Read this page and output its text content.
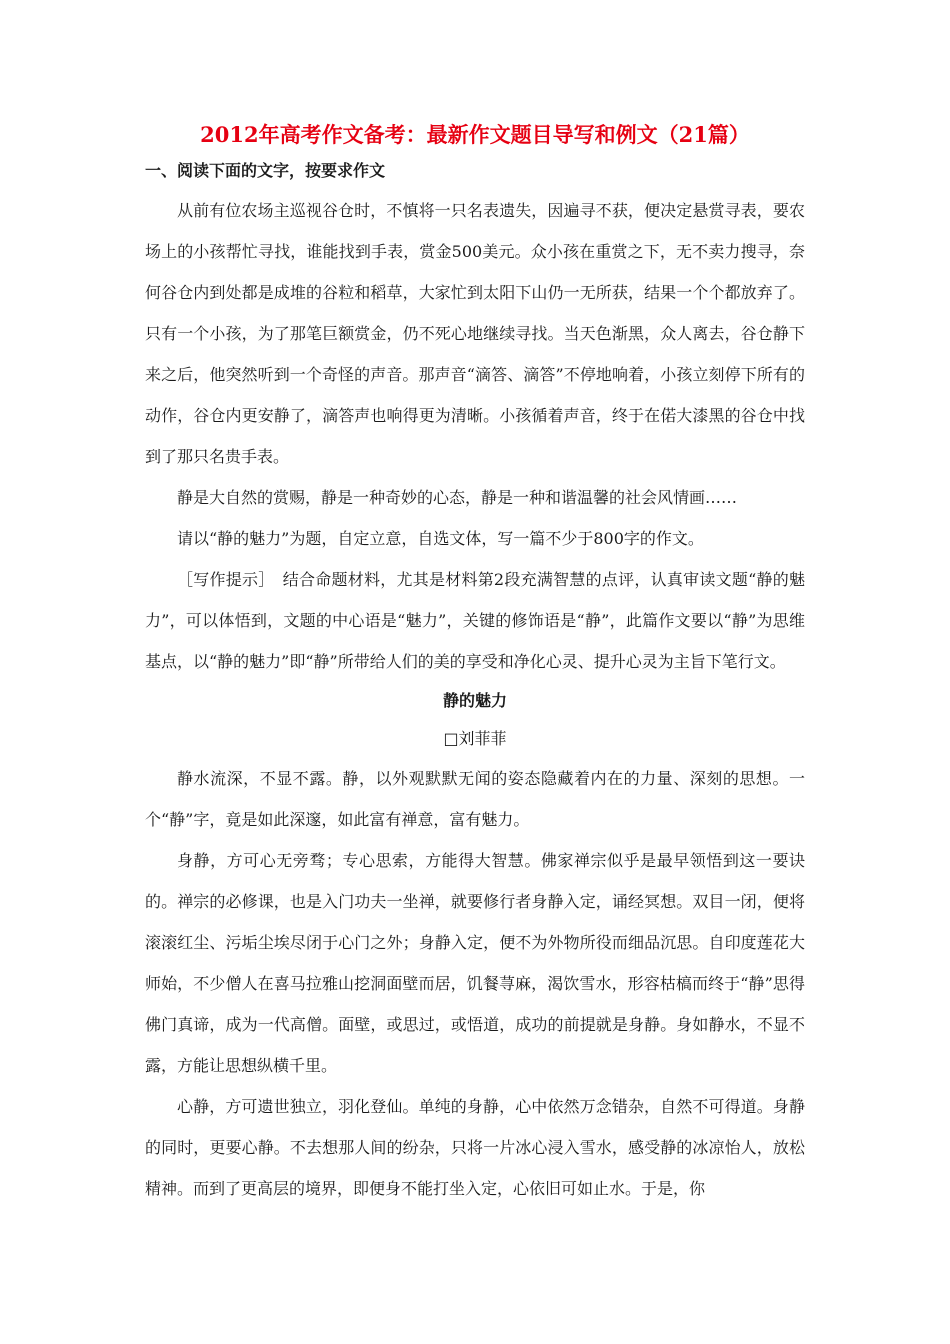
2012年高考作文备考：最新作文题目导写和例文（21篇）
一、阅读下面的文字，按要求作文

从前有位农场主巡视谷仓时，不慎将一只名表遗失，因遍寻不获，便决定悬赏寻表，要农场上的小孩帮忙寻找，谁能找到手表，赏金500美元。众小孩在重赏之下，无不卖力搜寻，奈何谷仓内到处都是成堆的谷粒和稻草，大家忙到太阳下山仍一无所获，结果一个个都放弃了。只有一个小孩，为了那笔巨额赏金，仍不死心地继续寻找。当天色渐黑，众人离去，谷仓静下来之后，他突然听到一个奇怪的声音。那声音“滴答、滴答”不停地响着，小孩立刻停下所有的动作，谷仓内更安静了，滴答声也响得更为清晰。小孩循着声音，终于在偌大漆黑的谷仓中找到了那只名贵手表。

静是大自然的赏赐，静是一种奇妙的心态，静是一种和谐温馨的社会风情画……

请以“静的魅力”为题，自定立意，自选文体，写一篇不少于800字的作文。

［写作提示］　结合命题材料，尤其是材料第2段充满智慧的点评，认真审读文题“静的魅力”，可以体悟到，文题的中心语是“魅力”，关键的修饰语是“静”，此篇作文要以“静”为思维基点，以“静的魅力”即“静”所带给人们的美的享受和净化心灵、提升心灵为主旨下笔行文。

静的魅力

□刘菲菲

静水流深，不显不露。静，以外观默默无闻的姿态隐藏着内在的力量、深刻的思想。一个“静”字，竟是如此深邃，如此富有禅意，富有魅力。

身静，方可心无旁骛；专心思索，方能得大智慧。佛家禅宗似乎是最早领悟到这一要诀的。禅宗的必修课，也是入门功夫一坐禅，就要修行者身静入定，诵经冥想。双目一闭，便将滚滚红尘、污垢尘埃尽闭于心门之外；身静入定，便不为外物所役而细品沉思。自印度莲花大师始，不少僧人在喜马拉雅山挖洞面壁而居，饥餐荨麻，渴饮雪水，形容枯槁而终于“静”思得佛门真谛，成为一代高僧。面壁，或思过，或悟道，成功的前提就是身静。身如静水，不显不露，方能让思想纵横千里。

心静，方可遗世独立，羽化登仙。单纯的身静，心中依然万念错杂，自然不可得道。身静的同时，更要心静。不去想那人间的纷杂，只将一片冰心浸入雪水，感受静的冰凉怡人，放松精神。而到了更高层的境界，即便身不能打坐入定，心依旧可如止水。于是，你
